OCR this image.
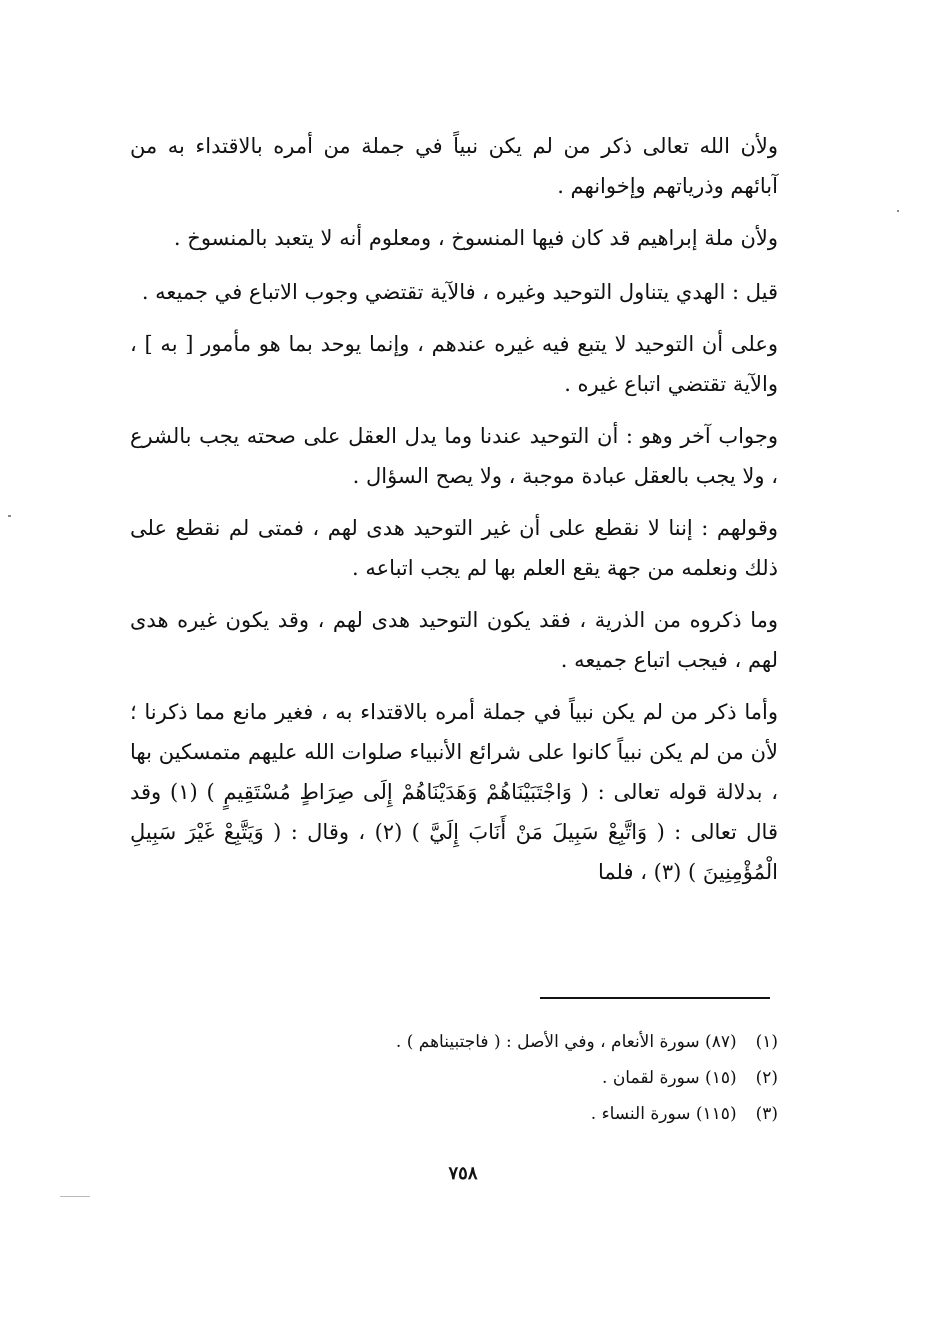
ولأن الله تعالى ذكر من لم يكن نبياً في جملة من أمره بالاقتداء به من آبائهم وذرياتهم وإخوانهم .

ولأن ملة إبراهيم قد كان فيها المنسوخ ، ومعلوم أنه لا يتعبد بالمنسوخ .

قيل : الهدي يتناول التوحيد وغيره ، فالآية تقتضي وجوب الاتباع في جميعه .

وعلى أن التوحيد لا يتبع فيه غيره عندهم ، وإنما يوحد بما هو مأمور [ به ] ، والآية تقتضي اتباع غيره .

وجواب آخر وهو : أن التوحيد عندنا وما يدل العقل على صحته يجب بالشرع ، ولا يجب بالعقل عبادة موجبة ، ولا يصح السؤال .

وقولهم : إننا لا نقطع على أن غير التوحيد هدى لهم ، فمتى لم نقطع على ذلك ونعلمه من جهة يقع العلم بها لم يجب اتباعه .

وما ذكروه من الذرية ، فقد يكون التوحيد هدى لهم ، وقد يكون غيره هدى لهم ، فيجب اتباع جميعه .

وأما ذكر من لم يكن نبياً في جملة أمره بالاقتداء به ، فغير مانع مما ذكرنا ؛ لأن من لم يكن نبياً كانوا على شرائع الأنبياء صلوات الله عليهم متمسكين بها ، بدلالة قوله تعالى : ( وَاجْتَبَيْنَاهُمْ وَهَدَيْنَاهُمْ إِلَى صِرَاطٍ مُسْتَقِيمٍ ) (١) وقد قال تعالى : ( وَاتَّبِعْ سَبِيلَ مَنْ أَنَابَ إِلَيَّ ) (٢) ، وقال : ( وَيَتَّبِعْ غَيْرَ سَبِيلِ الْمُؤْمِنِينَ ) (٣) ، فلما

(١) (٨٧) سورة الأنعام ، وفي الأصل : ( فاجتبيناهم ) .
(٢) (١٥) سورة لقمان .
(٣) (١١٥) سورة النساء .
٧٥٨
